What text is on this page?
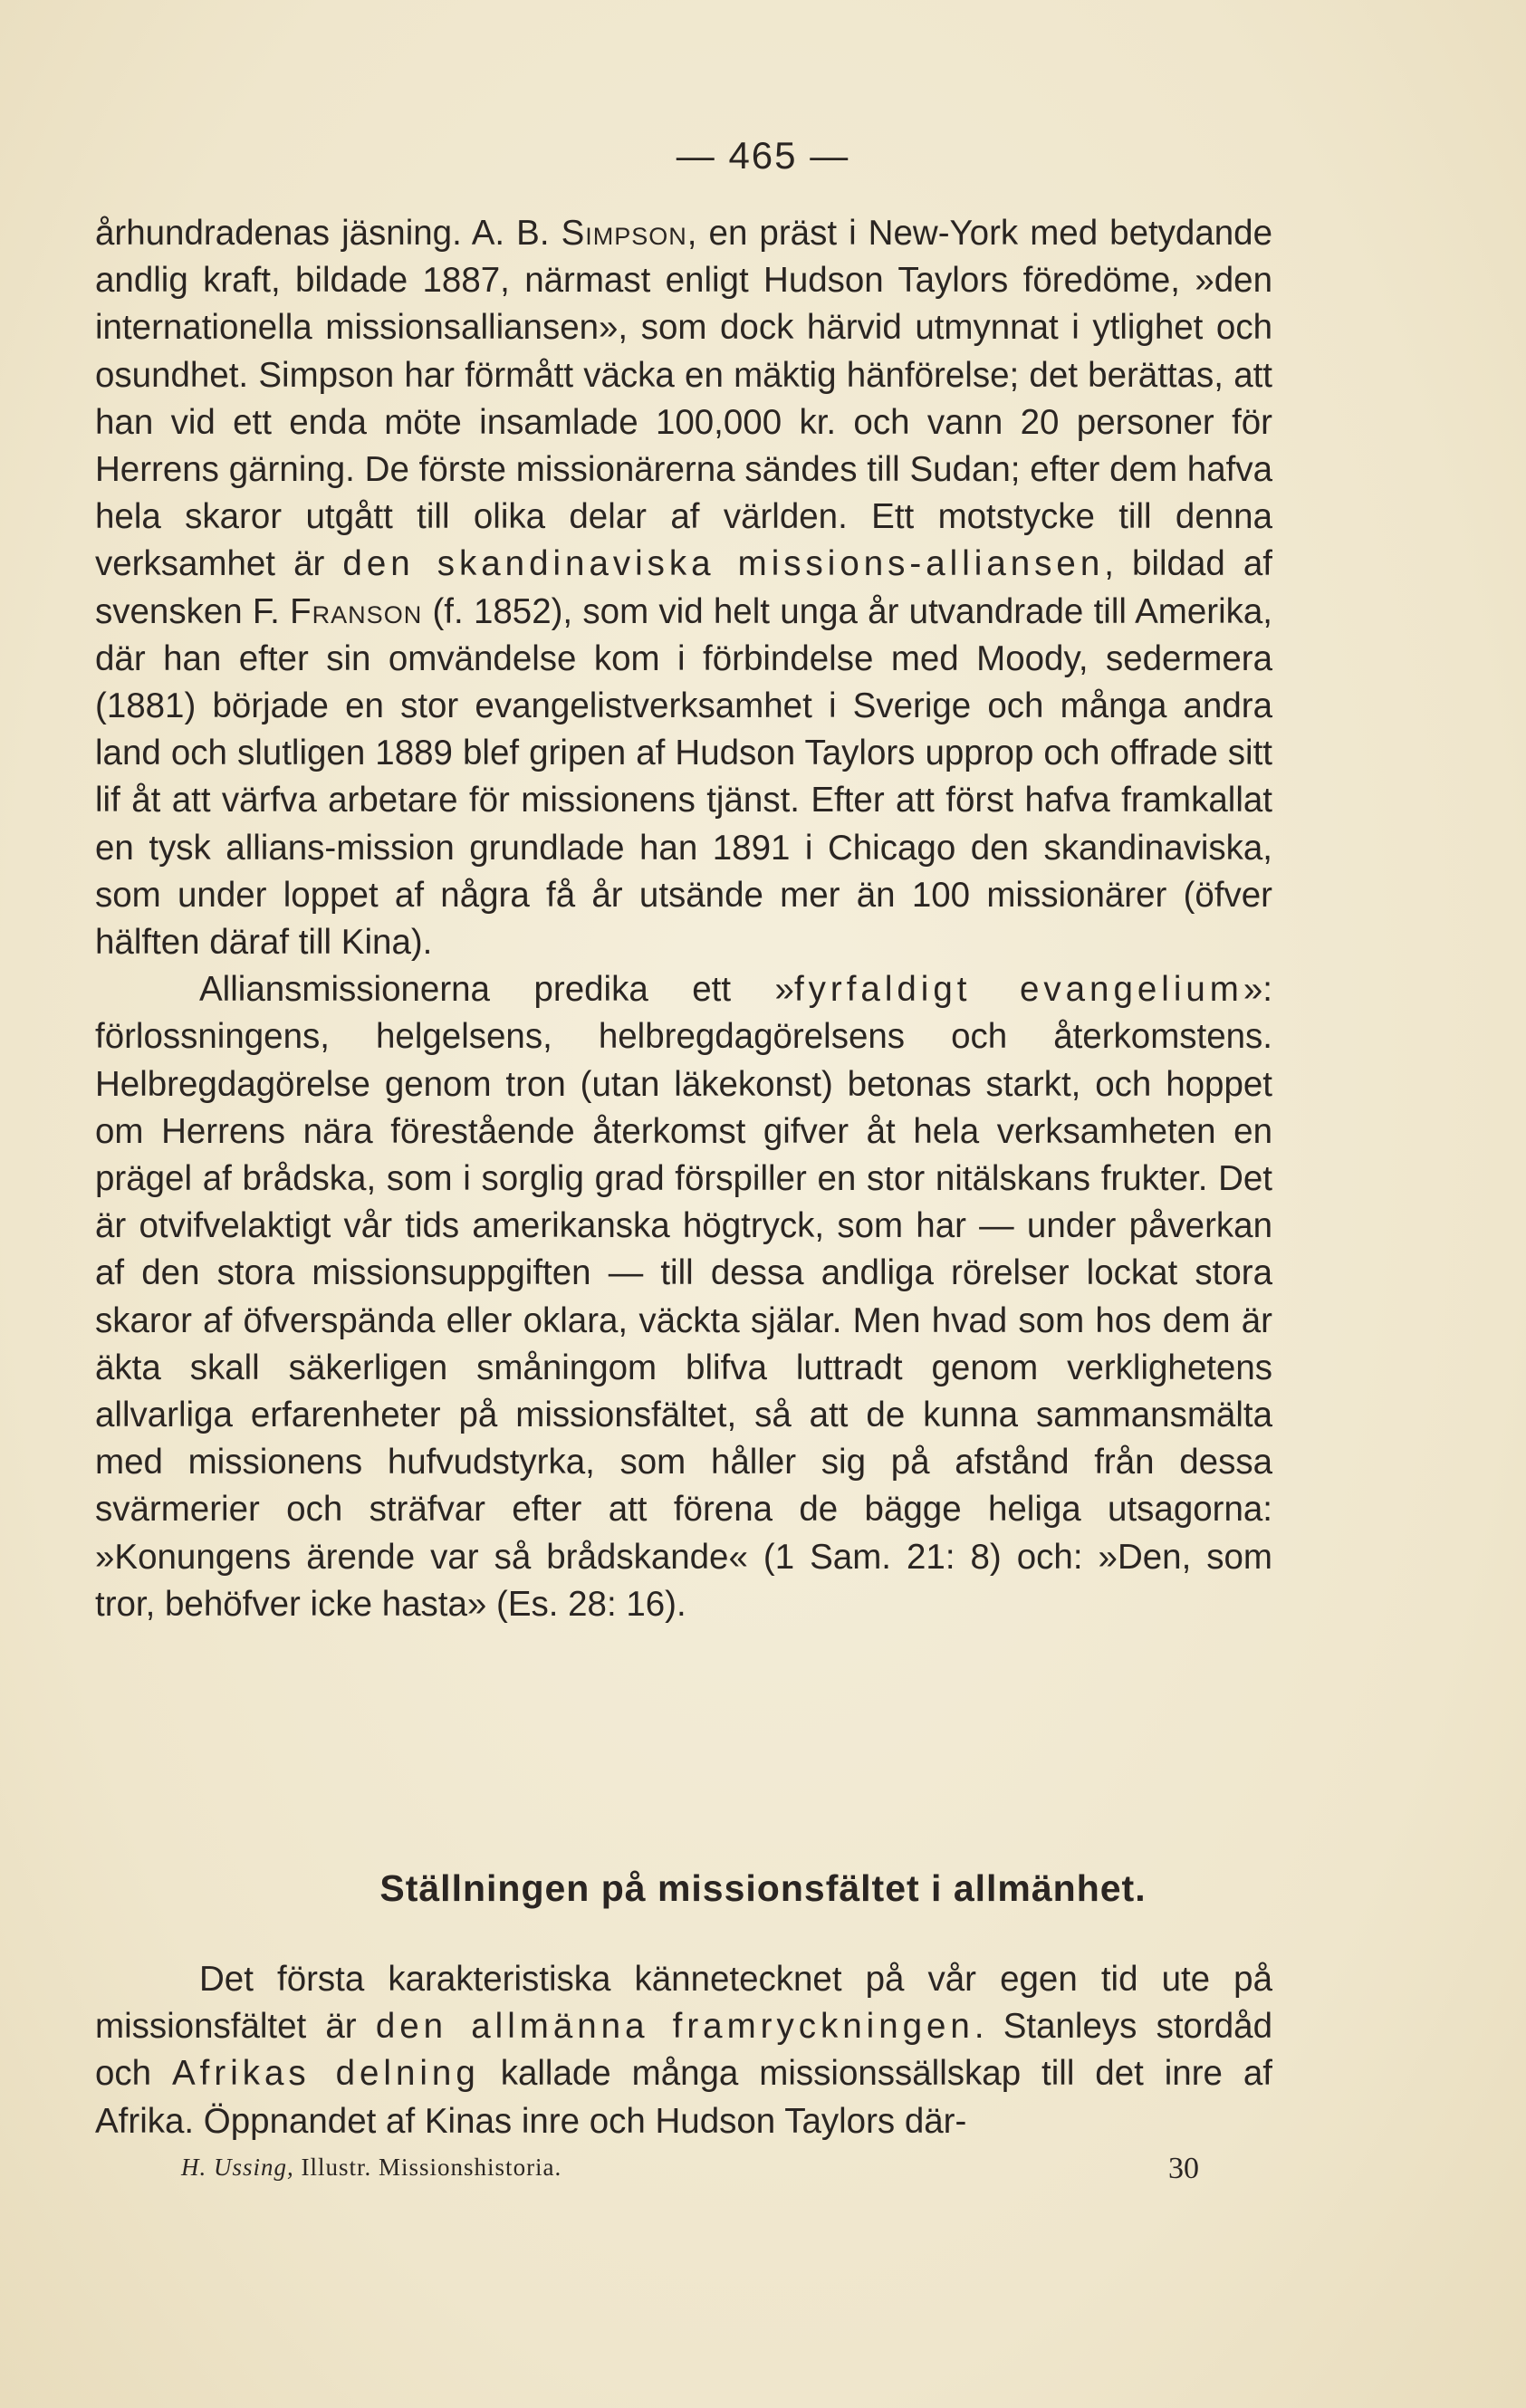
— 465 —

århundradenas jäsning. A. B. Simpson, en präst i New-York med betydande andlig kraft, bildade 1887, närmast enligt Hudson Taylors föredöme, »den internationella missionsalliansen», som dock härvid utmynnat i ytlighet och osundhet. Simpson har förmått väcka en mäktig hänförelse; det berättas, att han vid ett enda möte insamlade 100,000 kr. och vann 20 personer för Herrens gärning. De förste missionärerna sändes till Sudan; efter dem hafva hela skaror utgått till olika delar af världen. Ett motstycke till denna verksamhet är den skandinaviska missions-alliansen, bildad af svensken F. Franson (f. 1852), som vid helt unga år utvandrade till Amerika, där han efter sin omvändelse kom i förbindelse med Moody, sedermera (1881) började en stor evangelistverksamhet i Sverige och många andra land och slutligen 1889 blef gripen af Hudson Taylors upprop och offrade sitt lif åt att värfva arbetare för missionens tjänst. Efter att först hafva framkallat en tysk allians-mission grundlade han 1891 i Chicago den skandinaviska, som under loppet af några få år utsände mer än 100 missionärer (öfver hälften däraf till Kina).

Alliansmissionerna predika ett »fyrfaldigt evangelium»: förlossningens, helgelsens, helbregdagörelsens och återkomstens. Helbregdagörelse genom tron (utan läkekonst) betonas starkt, och hoppet om Herrens nära förestående återkomst gifver åt hela verksamheten en prägel af brådska, som i sorglig grad förspiller en stor nitälskans frukter. Det är otvifvelaktigt vår tids amerikanska högtryck, som har — under påverkan af den stora missionsuppgiften — till dessa andliga rörelser lockat stora skaror af öfverspända eller oklara, väckta själar. Men hvad som hos dem är äkta skall säkerligen småningom blifva luttradt genom verklighetens allvarliga erfarenheter på missionsfältet, så att de kunna sammansmälta med missionens hufvudstyrka, som håller sig på afstånd från dessa svärmerier och sträfvar efter att förena de bägge heliga utsagorna: »Konungens ärende var så brådskande« (1 Sam. 21: 8) och: »Den, som tror, behöfver icke hasta» (Es. 28: 16).

Ställningen på missionsfältet i allmänhet.

Det första karakteristiska kännetecknet på vår egen tid ute på missionsfältet är den allmänna framryckningen. Stanleys stordåd och Afrikas delning kallade många missionssällskap till det inre af Afrika. Öppnandet af Kinas inre och Hudson Taylors där-

H. Ussing, Illustr. Missionshistoria.	30
